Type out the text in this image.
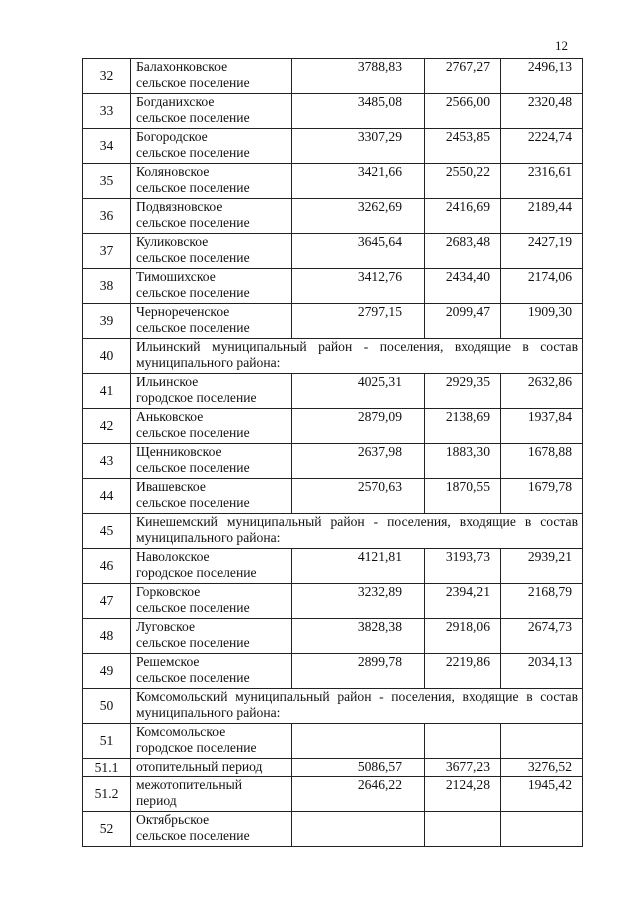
12
32	Балахонковское
сельское поселение	3788,83	2767,27	2496,13

33	Богданихское
сельское поселение	3485,08	2566,00	2320,48

34	Богородское
сельское поселение	3307,29	2453,85	2224,74

35	Коляновское
сельское поселение	3421,66	2550,22	2316,61

36	Подвязновское
сельское поселение	3262,69	2416,69	2189,44

37	Куликовское
сельское поселение	3645,64	2683,48	2427,19

38	Тимошихское
сельское поселение	3412,76	2434,40	2174,06

39	Чернореченское
сельское поселение	2797,15	2099,47	1909,30

40	Ильинский муниципальный район - поселения, входящие в состав муниципального района:			

41	Ильинское
городское поселение	4025,31	2929,35	2632,86

42	Аньковское
сельское поселение	2879,09	2138,69	1937,84

43	Щенниковское
сельское поселение	2637,98	1883,30	1678,88

44	Ивашевское
сельское поселение	2570,63	1870,55	1679,78

45	Кинешемский муниципальный район - поселения, входящие в состав муниципального района:			

46	Наволокское
городское поселение	4121,81	3193,73	2939,21

47	Горковское
сельское поселение	3232,89	2394,21	2168,79

48	Луговское
сельское поселение	3828,38	2918,06	2674,73

49	Решемское
сельское поселение	2899,78	2219,86	2034,13

50	Комсомольский муниципальный район - поселения, входящие в состав муниципального района:			

51	Комсомольское
городское поселение			

51.1	отопительный период	5086,57	3677,23	3276,52

51.2	межотопительный
период	2646,22	2124,28	1945,42

52	Октябрьское
сельское поселение			
